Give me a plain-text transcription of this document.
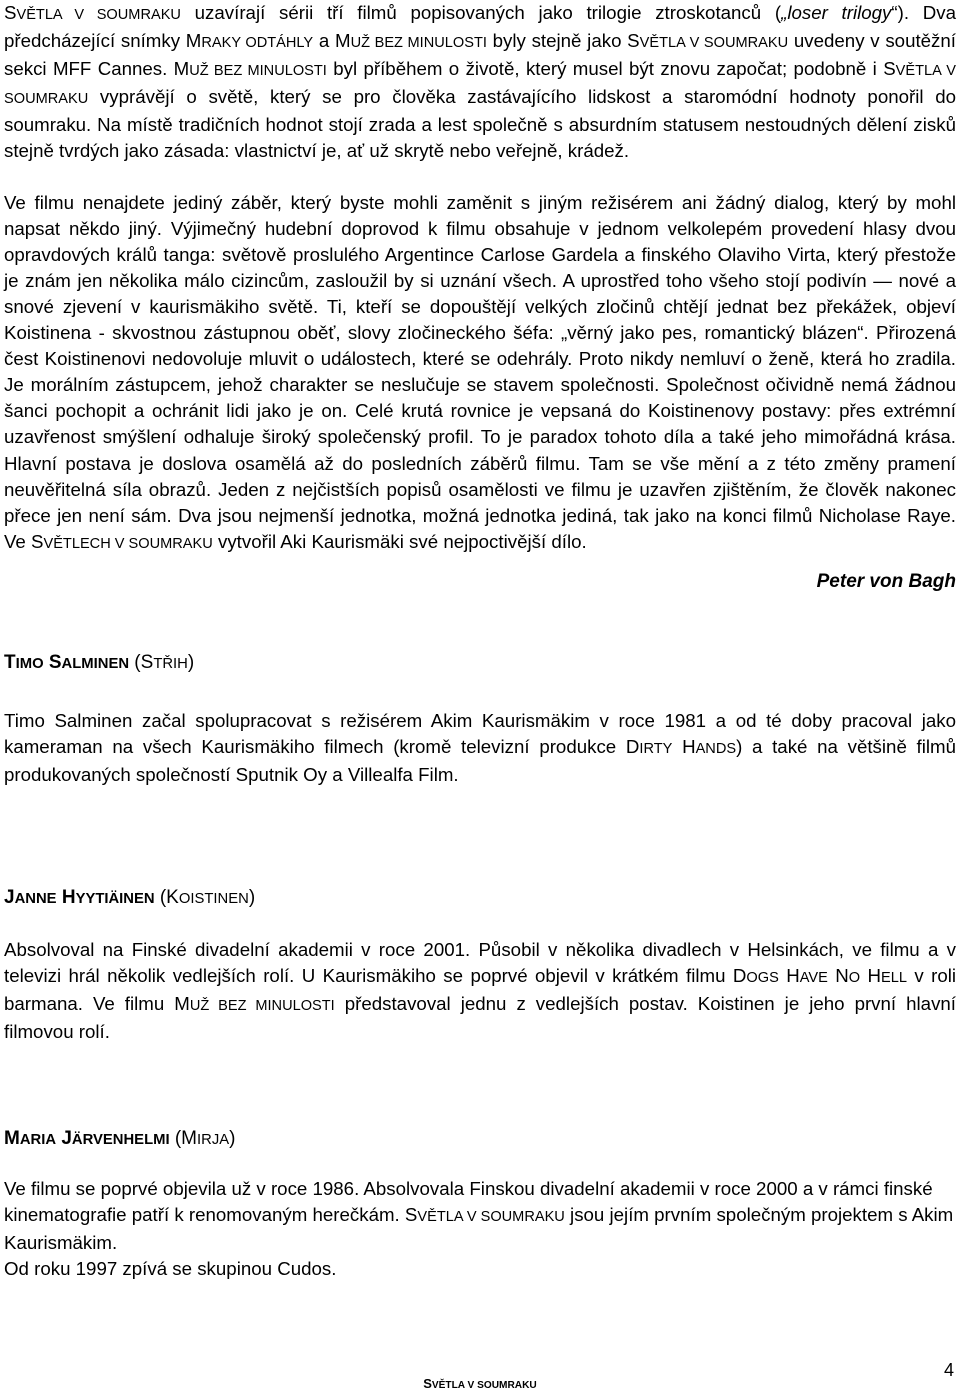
SVĚTLA V SOUMRAKU uzavírají sérii tří filmů popisovaných jako trilogie ztroskotanců („loser trilogy“). Dva předcházející snímky MRAKY ODTÁHLY a MUŽ BEZ MINULOSTI byly stejně jako SVĚTLA V SOUMRAKU uvedeny v soutěžní sekci MFF Cannes. MUŽ BEZ MINULOSTI byl příběhem o životě, který musel být znovu započat; podobně i SVĚTLA V SOUMRAKU vyprávějí o světě, který se pro člověka zastávajícího lidskost a staromódní hodnoty ponořil do soumraku. Na místě tradičních hodnot stojí zrada a lest společně s absurdním statusem nestoudných dělení zisků stejně tvrdých jako zásada: vlastnictví je, ať už skrytě nebo veřejně, krádež.

Ve filmu nenajdete jediný záběr, který byste mohli zaměnit s jiným režisérem ani žádný dialog, který by mohl napsat někdo jiný. Výjimečný hudební doprovod k filmu obsahuje v jednom velkolepém provedení hlasy dvou opravdových králů tanga: světově proslulého Argentince Carlose Gardela a finského Olaviho Virta, který přestože je znám jen několika málo cizincům, zasloužil by si uznání všech. A uprostřed toho všeho stojí podivín — nové a snové zjevení v kaurismäkiho světě. Ti, kteří se dopouštějí velkých zločinů chtějí jednat bez překážek, objeví Koistinena - skvostnou zástupnou oběť, slovy zločineckého šéfa: „věrný jako pes, romantický blázen“. Přirozená čest Koistinenovi nedovoluje mluvit o událostech, které se odehrály. Proto nikdy nemluví o ženě, která ho zradila. Je morálním zástupcem, jehož charakter se neslučuje se stavem společnosti. Společnost očividně nemá žádnou šanci pochopit a ochránit lidi jako je on. Celé krutá rovnice je vepsaná do Koistinenovy postavy: přes extrémní uzavřenost smýšlení odhaluje široký společenský profil. To je paradox tohoto díla a také jeho mimořádná krása. Hlavní postava je doslova osamělá až do posledních záběrů filmu. Tam se vše mění a z této změny pramení neuvěřitelná síla obrazů. Jeden z nejčistších popisů osamělosti ve filmu je uzavřen zjištěním, že člověk nakonec přece jen není sám. Dva jsou nejmenší jednotka, možná jednotka jediná, tak jako na konci filmů Nicholase Raye. Ve SVĚTLECH V SOUMRAKU vytvořil Aki Kaurismäki své nejpoctivější dílo.

Peter von Bagh

TIMO SALMINEN (STŘIH)

Timo Salminen začal spolupracovat s režisérem Akim Kaurismäkim v roce 1981 a od té doby pracoval jako kameraman na všech Kaurismäkiho filmech (kromě televizní produkce DIRTY HANDS) a také na většině filmů produkovaných společností Sputnik Oy a Villealfa Film.

JANNE HYYTIÄINEN (KOISTINEN)

Absolvoval na Finské divadelní akademii v roce 2001. Působil v několika divadlech v Helsinkách, ve filmu a v televizi hrál několik vedlejších rolí. U Kaurismäkiho se poprvé objevil v krátkém filmu DOGS HAVE NO HELL v roli barmana. Ve filmu MUŽ BEZ MINULOSTI představoval jednu z vedlejších postav. Koistinen je jeho první hlavní filmovou rolí.

MARIA JÄRVENHELMI (MIRJA)

Ve filmu se poprvé objevila už v roce 1986. Absolvovala Finskou divadelní akademii v roce 2000 a v rámci finské kinematografie patří k renomovaným herečkám. SVĚTLA V SOUMRAKU jsou jejím prvním společným projektem s Akim Kaurismäkim.
Od roku 1997 zpívá se skupinou Cudos.

4
SVĚTLA V SOUMRAKU
